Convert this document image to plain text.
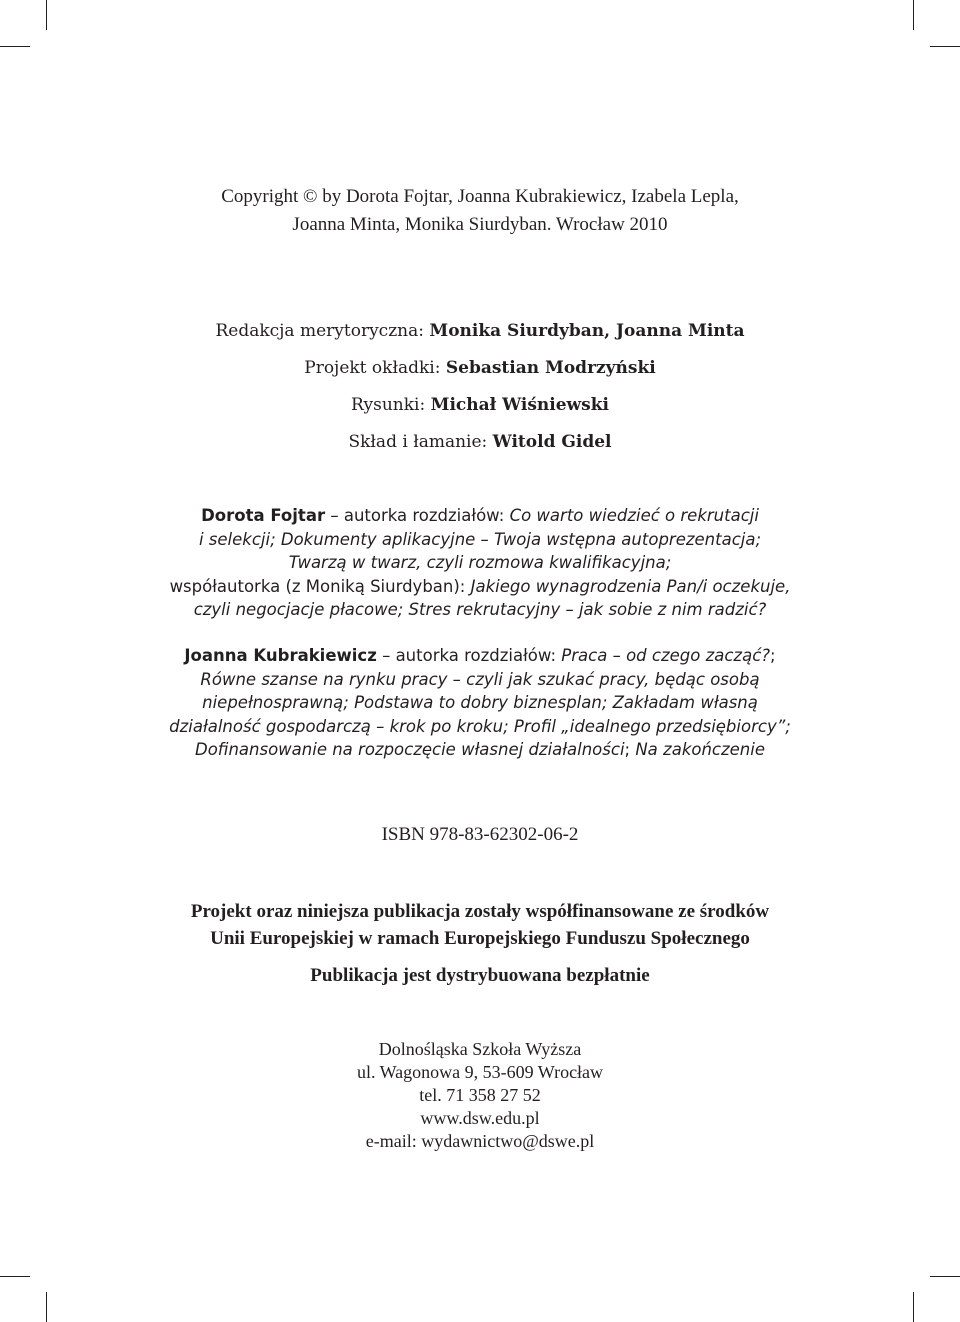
Copyright © by Dorota Fojtar, Joanna Kubrakiewicz, Izabela Lepla,
Joanna Minta, Monika Siurdyban. Wrocław 2010
Redakcja merytoryczna: Monika Siurdyban, Joanna Minta
Projekt okładki: Sebastian Modrzyński
Rysunki: Michał Wiśniewski
Skład i łamanie: Witold Gidel
Dorota Fojtar – autorka rozdziałów: Co warto wiedzieć o rekrutacji
i selekcji; Dokumenty aplikacyjne – Twoja wstępna autoprezentacja;
Twarzą w twarz, czyli rozmowa kwalifikacyjna;
współautorka (z Moniką Siurdyban): Jakiego wynagrodzenia Pan/i oczekuje,
czyli negocjacje płacowe; Stres rekrutacyjny – jak sobie z nim radzić?
Joanna Kubrakiewicz – autorka rozdziałów: Praca – od czego zacząć?;
Równe szanse na rynku pracy – czyli jak szukać pracy, będąc osobą
niepełnosprawną; Podstawa to dobry biznesplan; Zakładam własną
działalność gospodarczą – krok po kroku; Profil „idealnego przedsiębiorcy”;
Dofinansowanie na rozpoczęcie własnej działalności; Na zakończenie
ISBN 978-83-62302-06-2
Projekt oraz niniejsza publikacja zostały współfinansowane ze środków
Unii Europejskiej w ramach Europejskiego Funduszu Społecznego
Publikacja jest dystrybuowana bezpłatnie
Dolnośląska Szkoła Wyższa
ul. Wagonowa 9, 53-609 Wrocław
tel. 71 358 27 52
www.dsw.edu.pl
e-mail: wydawnictwo@dswe.pl
